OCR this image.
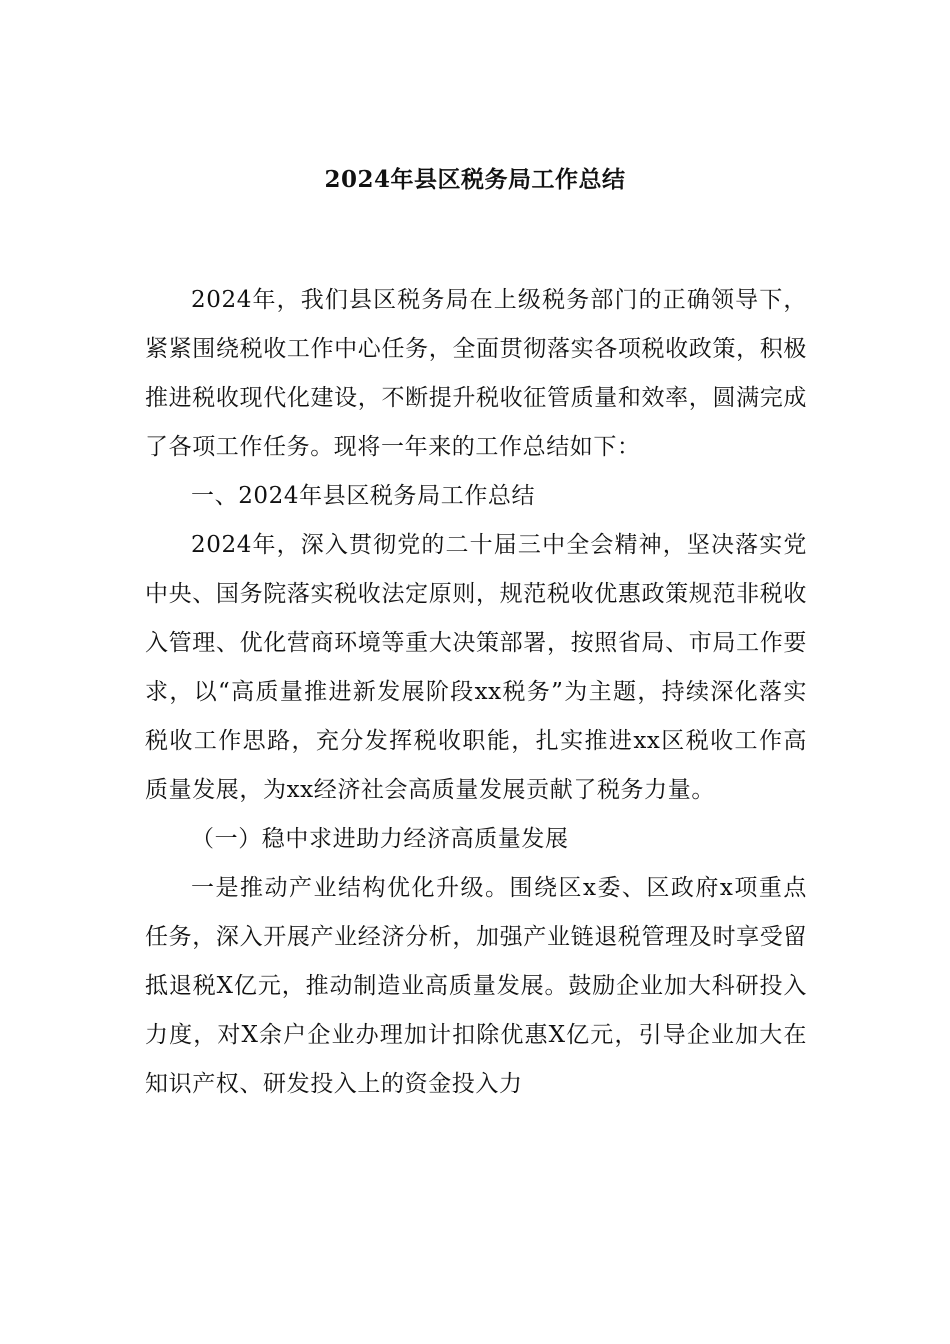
2024年县区税务局工作总结

2024年，我们县区税务局在上级税务部门的正确领导下，紧紧围绕税收工作中心任务，全面贯彻落实各项税收政策，积极推进税收现代化建设，不断提升税收征管质量和效率，圆满完成了各项工作任务。现将一年来的工作总结如下：

一、2024年县区税务局工作总结

2024年，深入贯彻党的二十届三中全会精神，坚决落实党中央、国务院落实税收法定原则，规范税收优惠政策规范非税收入管理、优化营商环境等重大决策部署，按照省局、市局工作要求，以“高质量推进新发展阶段xx税务”为主题，持续深化落实税收工作思路，充分发挥税收职能，扎实推进xx区税收工作高质量发展，为xx经济社会高质量发展贡献了税务力量。

（一）稳中求进助力经济高质量发展

一是推动产业结构优化升级。围绕区x委、区政府x项重点任务，深入开展产业经济分析，加强产业链退税管理及时享受留抵退税X亿元，推动制造业高质量发展。鼓励企业加大科研投入力度，对X余户企业办理加计扣除优惠X亿元，引导企业加大在知识产权、研发投入上的资金投入力
